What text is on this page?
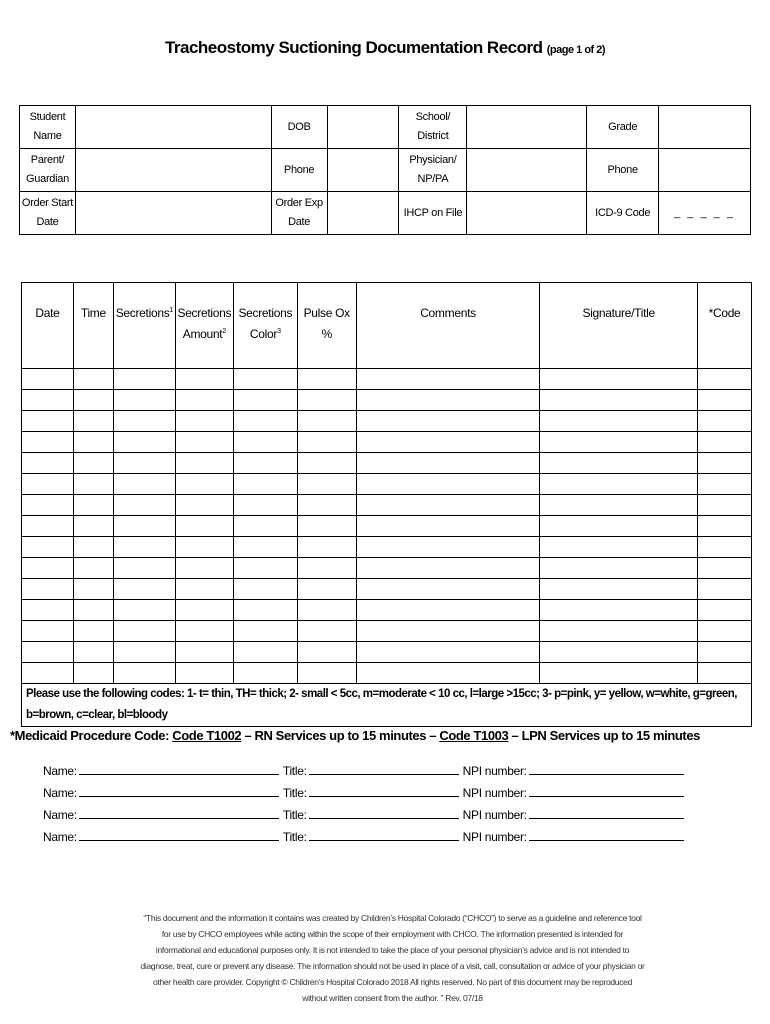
Tracheostomy Suctioning Documentation Record (page 1 of 2)
Student Name		DOB		School/ District		Grade	
Parent/ Guardian		Phone		Physician/ NP/PA		Phone	
Order Start Date		Order Exp Date		IHCP on File		ICD-9 Code	_ _ _ _ _
Date	Time	Secretions$^1$	Secretions Amount$^2$	Secretions Color$^3$	Pulse Ox %	Comments	Signature/Title	*Code

Please use the following codes: 1- t= thin, TH= thick; 2- small < 5cc, m=moderate < 10 cc, l=large >15cc; 3- p=pink, y= yellow, w=white, g=green, b=brown, c=clear, bl=bloody								
*Medicaid Procedure Code: Code T1002 – RN Services up to 15 minutes – Code T1003 – LPN Services up to 15 minutes
Name:	Title:	NPI number:
Name:	Title:	NPI number:
Name:	Title:	NPI number:
Name:	Title:	NPI number:
“This document and the information it contains was created by Children’s Hospital Colorado (“CHCO”) to serve as a guideline and reference tool for use by CHCO employees while acting within the scope of their employment with CHCO. The information presented is intended for informational and educational purposes only. It is not intended to take the place of your personal physician’s advice and is not intended to diagnose, treat, cure or prevent any disease. The information should not be used in place of a visit, call, consultation or advice of your physician or other health care provider. Copyright © Children’s Hospital Colorado 2018 All rights reserved. No part of this document may be reproduced without written consent from the author. ” Rev. 07/18
